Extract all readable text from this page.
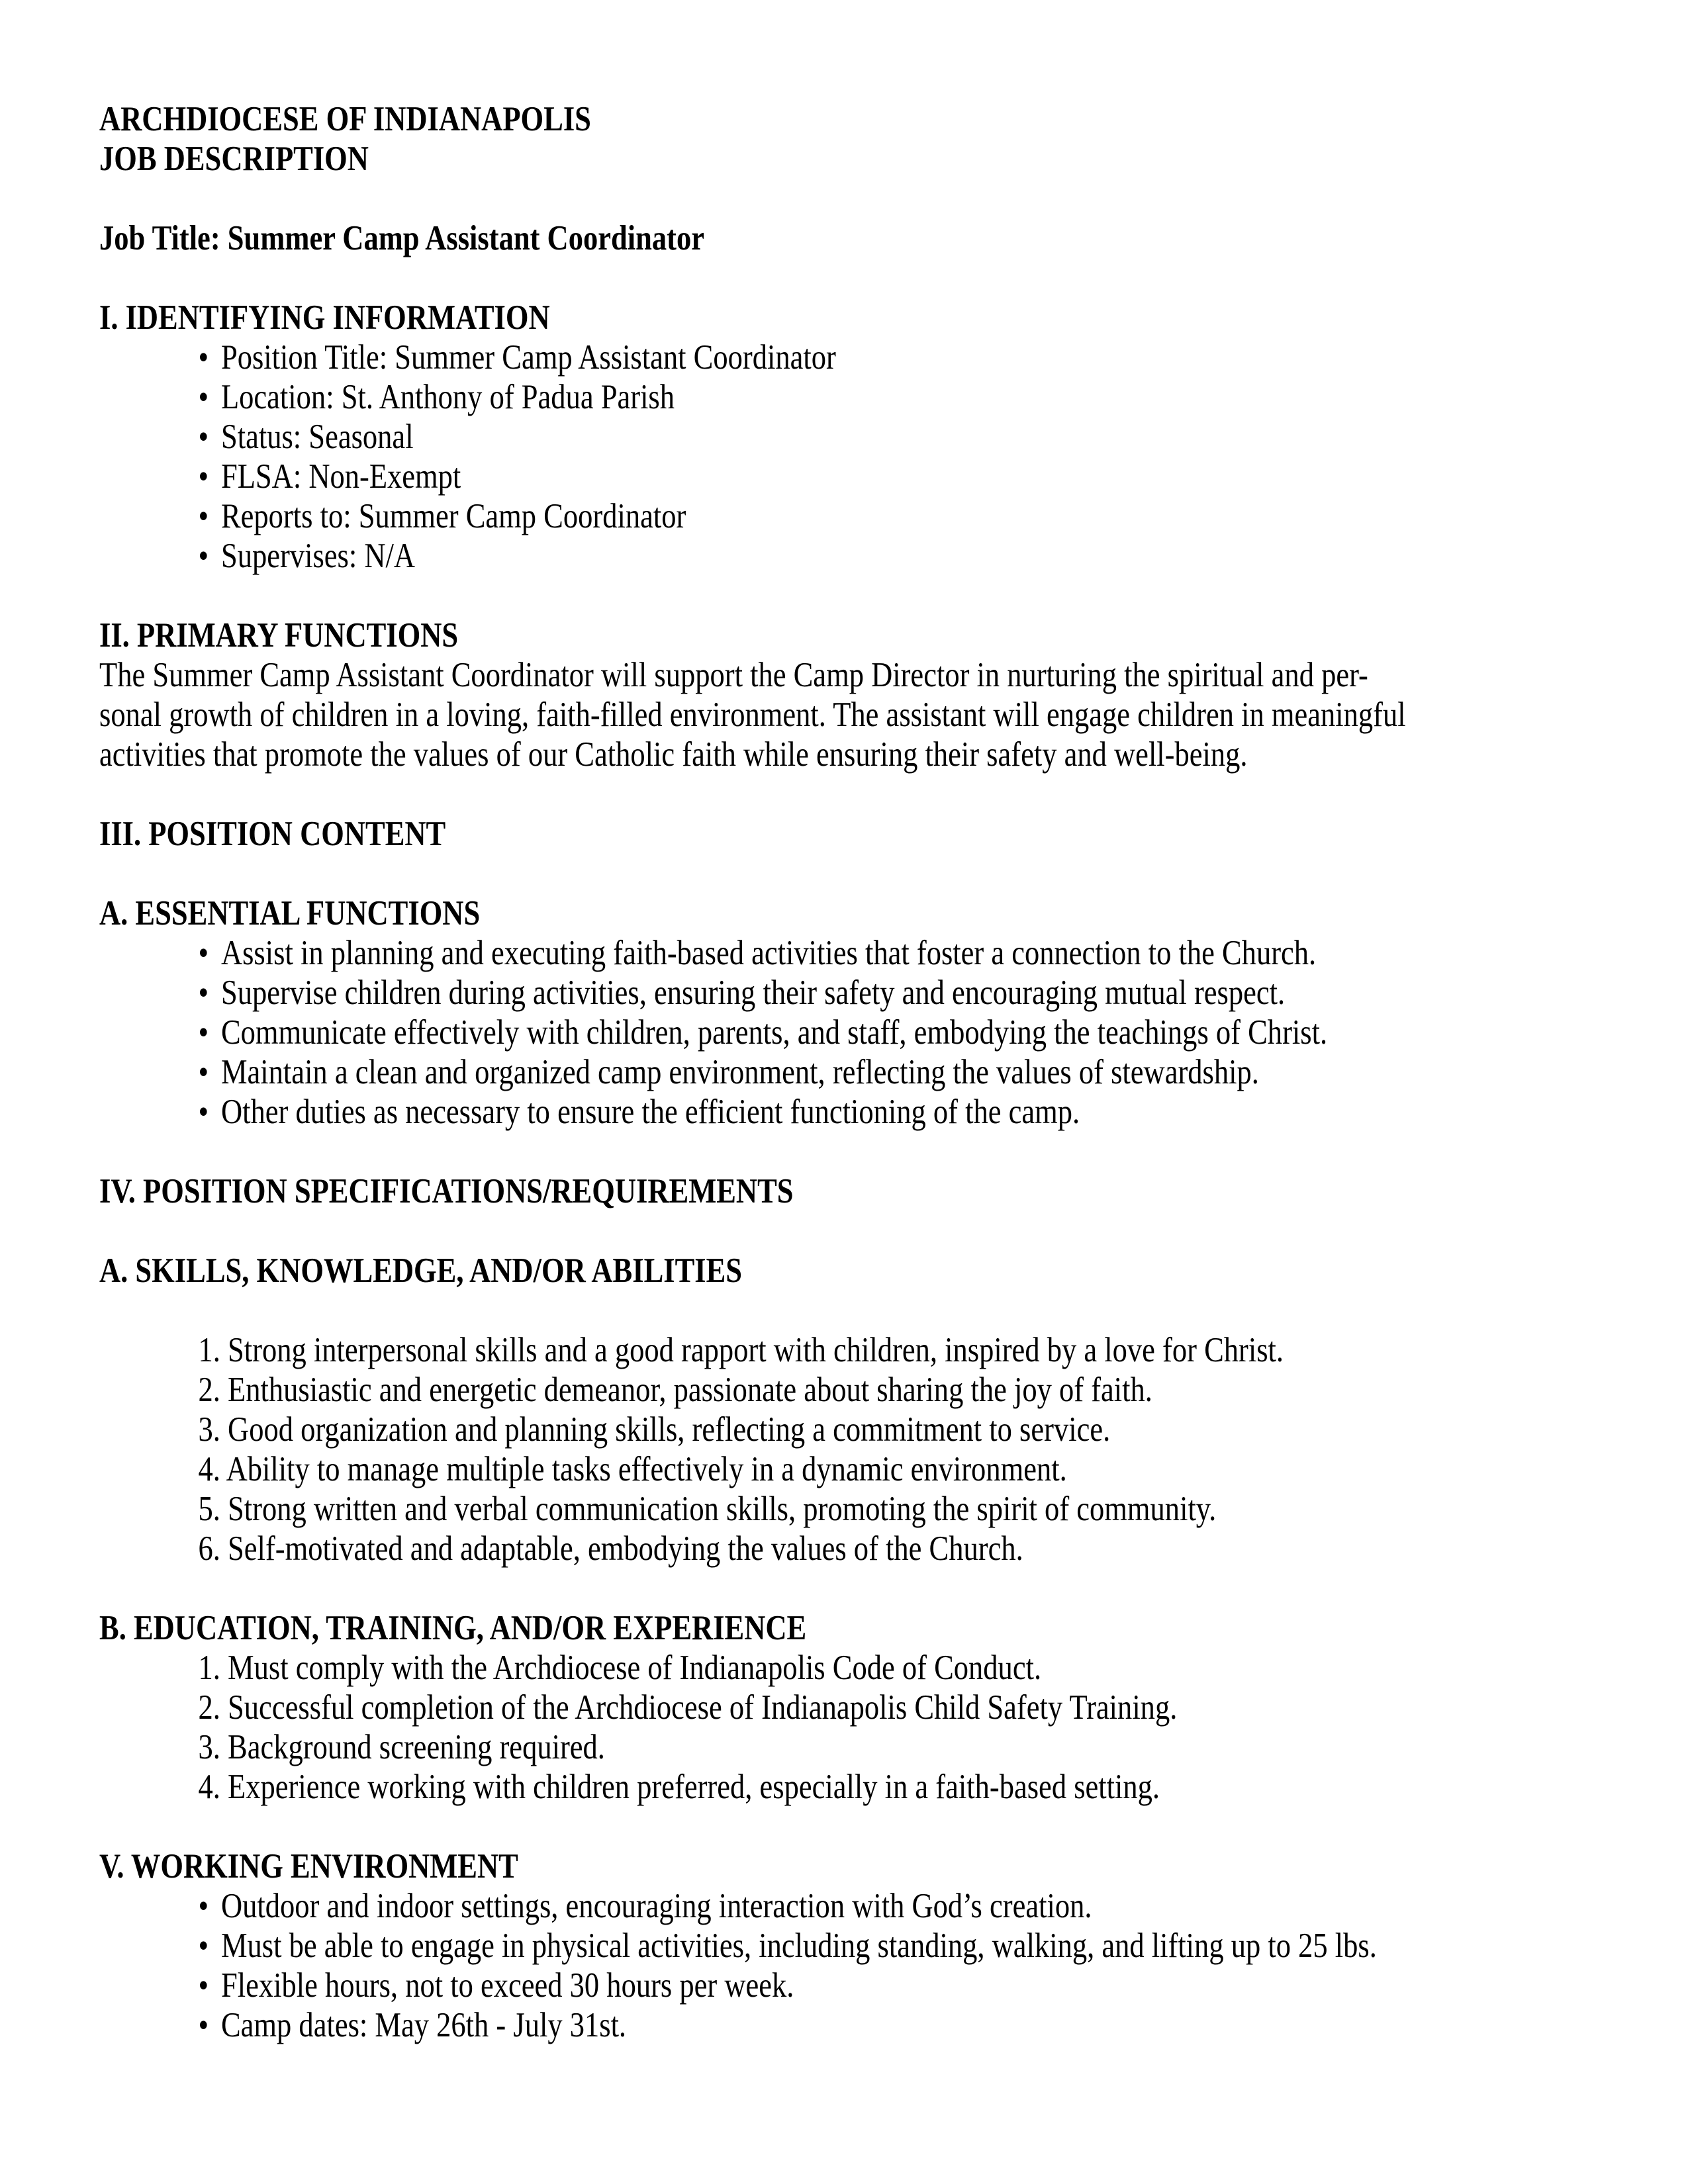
ARCHDIOCESE OF INDIANAPOLIS
JOB DESCRIPTION
Job Title: Summer Camp Assistant Coordinator
I. IDENTIFYING INFORMATION
• Position Title: Summer Camp Assistant Coordinator
• Location: St. Anthony of Padua Parish
• Status: Seasonal
• FLSA: Non-Exempt
• Reports to: Summer Camp Coordinator
• Supervises: N/A
II. PRIMARY FUNCTIONS
The Summer Camp Assistant Coordinator will support the Camp Director in nurturing the spiritual and per-
sonal growth of children in a loving, faith-filled environment. The assistant will engage children in meaningful
activities that promote the values of our Catholic faith while ensuring their safety and well-being.
III. POSITION CONTENT
A. ESSENTIAL FUNCTIONS
• Assist in planning and executing faith-based activities that foster a connection to the Church.
• Supervise children during activities, ensuring their safety and encouraging mutual respect.
• Communicate effectively with children, parents, and staff, embodying the teachings of Christ.
• Maintain a clean and organized camp environment, reflecting the values of stewardship.
• Other duties as necessary to ensure the efficient functioning of the camp.
IV. POSITION SPECIFICATIONS/REQUIREMENTS
A. SKILLS, KNOWLEDGE, AND/OR ABILITIES
1. Strong interpersonal skills and a good rapport with children, inspired by a love for Christ.
2. Enthusiastic and energetic demeanor, passionate about sharing the joy of faith.
3. Good organization and planning skills, reflecting a commitment to service.
4. Ability to manage multiple tasks effectively in a dynamic environment.
5. Strong written and verbal communication skills, promoting the spirit of community.
6. Self-motivated and adaptable, embodying the values of the Church.
B. EDUCATION, TRAINING, AND/OR EXPERIENCE
1. Must comply with the Archdiocese of Indianapolis Code of Conduct.
2. Successful completion of the Archdiocese of Indianapolis Child Safety Training.
3. Background screening required.
4. Experience working with children preferred, especially in a faith-based setting.
V. WORKING ENVIRONMENT
• Outdoor and indoor settings, encouraging interaction with God’s creation.
• Must be able to engage in physical activities, including standing, walking, and lifting up to 25 lbs.
• Flexible hours, not to exceed 30 hours per week.
• Camp dates: May 26th - July 31st.
